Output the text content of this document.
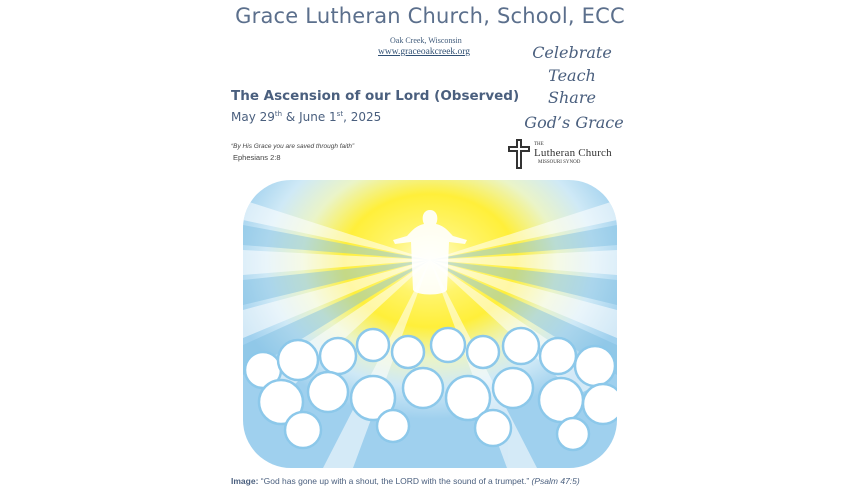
Grace Lutheran Church, School, ECC
Oak Creek, Wisconsin
www.graceoakcreek.org
The Ascension of our Lord (Observed)
May 29th & June 1st, 2025
Celebrate
Teach
Share
God’s Grace
“By His Grace you are saved through faith”
Ephesians 2:8
THE
Lutheran Church
MISSOURI SYNOD
Image: “God has gone up with a shout, the LORD with the sound of a trumpet.” (Psalm 47:5)
